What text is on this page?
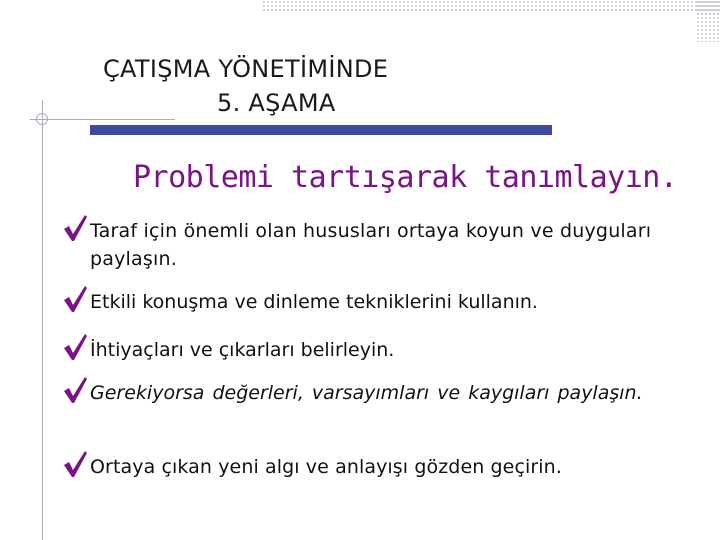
ÇATIŞMA YÖNETİMİNDE
5. AŞAMA
Problemi tartışarak tanımlayın.
Taraf için önemli olan hususları ortaya koyun ve duyguları paylaşın.
Etkili konuşma ve dinleme tekniklerini kullanın.
İhtiyaçları ve çıkarları belirleyin.
Gerekiyorsa değerleri, varsayımları ve kaygıları paylaşın.
Ortaya çıkan yeni algı ve anlayışı gözden geçirin.
